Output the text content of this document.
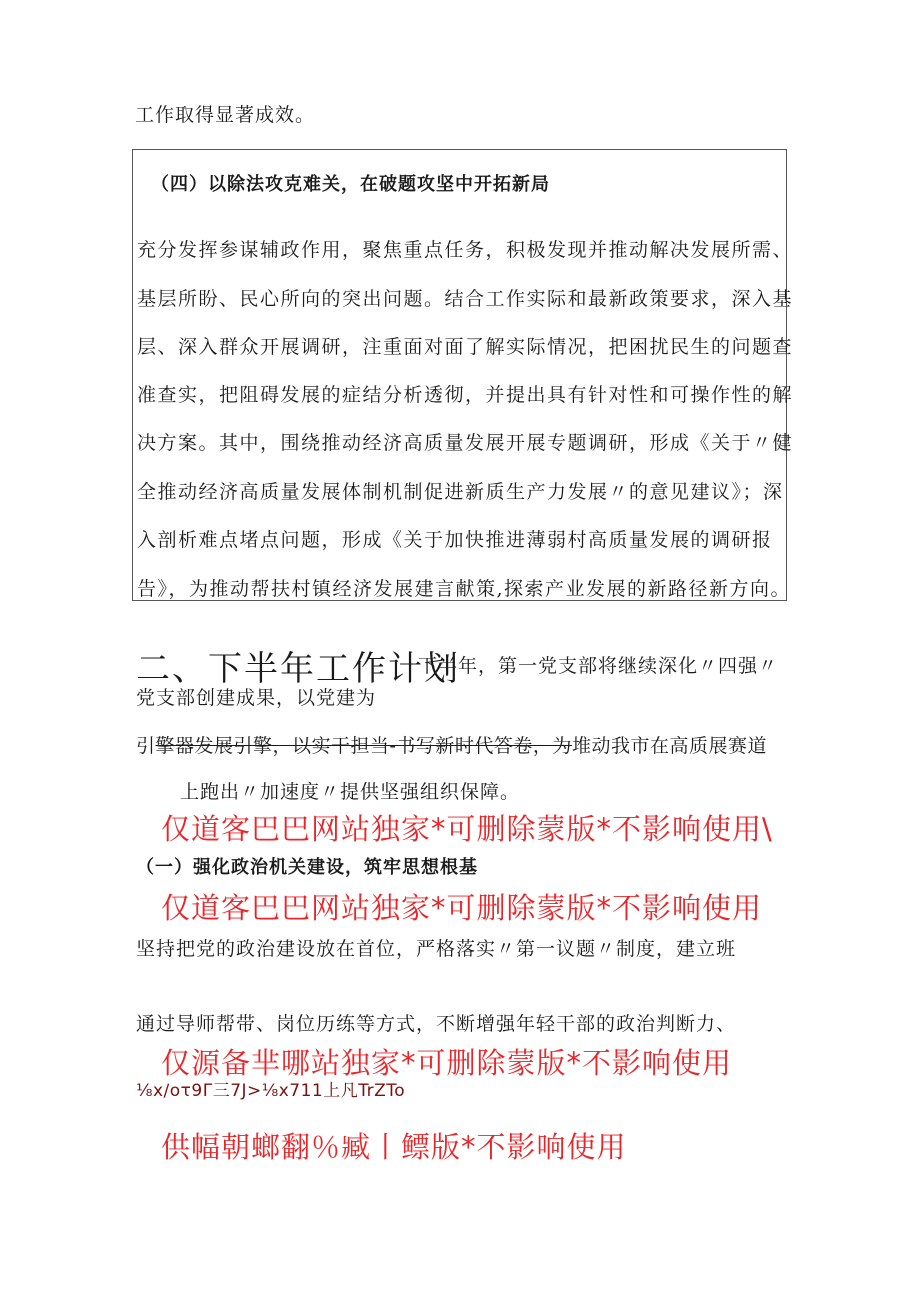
工作取得显著成效。
（四）以除法攻克难关，在破题攻坚中开拓新局
充分发挥参谋辅政作用，聚焦重点任务，积极发现并推动解决发展所需、
基层所盼、民心所向的突出问题。结合工作实际和最新政策要求，深入基
层、深入群众开展调研，注重面对面了解实际情况，把困扰民生的问题查
准查实，把阻碍发展的症结分析透彻，并提出具有针对性和可操作性的解
决方案。其中，围绕推动经济高质量发展开展专题调研，形成《关于〃健
全推动经济高质量发展体制机制促进新质生产力发展〃的意见建议》；深
入剖析难点堵点问题，形成《关于加快推进薄弱村高质量发展的调研报
告》，为推动帮扶村镇经济发展建言献策,探索产业发展的新路径新方向。
二、下半年工作计划
下半年，第一党支部将继续深化〃四强〃
党支部创建成果，以党建为
引擎器发展引擎，以实干担当-书写新时代答卷，为堆动我市在高质展赛道
上跑出〃加速度〃提供坚强组织保障。
仅道客巴巴网站独家*可删除蒙版*不影响使用\
（一）强化政治机关建设，筑牢思想根基
仅道客巴巴网站独家*可删除蒙版*不影响使用
坚持把党的政治建设放在首位，严格落实〃第一议题〃制度，建立班
通过导师帮带、岗位历练等方式，不断增强年轻干部的政治判断力、
仅源备芈哪站独家*可删除蒙版*不影响使用
⅛x∕oτ9Γ三7J>⅛x711上凡TrZTo
供幅朝螂翻％臧丨鳔版*不影响使用
